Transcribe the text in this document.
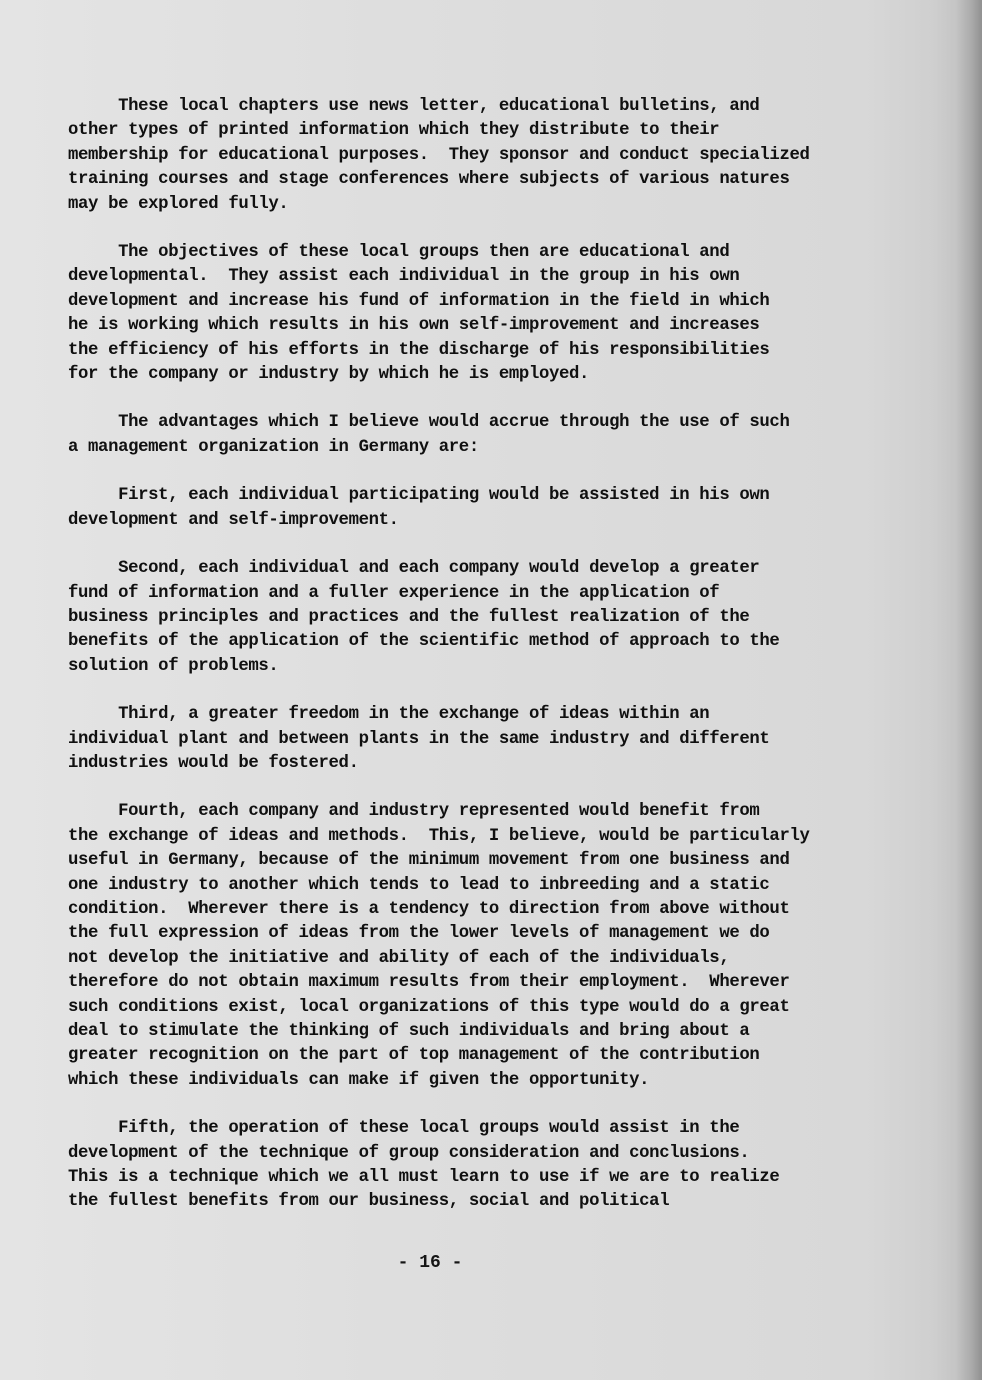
These local chapters use news letter, educational bulletins, and
other types of printed information which they distribute to their
membership for educational purposes.  They sponsor and conduct specialized
training courses and stage conferences where subjects of various natures
may be explored fully.
The objectives of these local groups then are educational and
developmental.  They assist each individual in the group in his own
development and increase his fund of information in the field in which
he is working which results in his own self-improvement and increases
the efficiency of his efforts in the discharge of his responsibilities
for the company or industry by which he is employed.
The advantages which I believe would accrue through the use of such
a management organization in Germany are:
First, each individual participating would be assisted in his own
development and self-improvement.
Second, each individual and each company would develop a greater
fund of information and a fuller experience in the application of
business principles and practices and the fullest realization of the
benefits of the application of the scientific method of approach to the
solution of problems.
Third, a greater freedom in the exchange of ideas within an
individual plant and between plants in the same industry and different
industries would be fostered.
Fourth, each company and industry represented would benefit from
the exchange of ideas and methods.  This, I believe, would be particularly
useful in Germany, because of the minimum movement from one business and
one industry to another which tends to lead to inbreeding and a static
condition.  Wherever there is a tendency to direction from above without
the full expression of ideas from the lower levels of management we do
not develop the initiative and ability of each of the individuals,
therefore do not obtain maximum results from their employment.  Wherever
such conditions exist, local organizations of this type would do a great
deal to stimulate the thinking of such individuals and bring about a
greater recognition on the part of top management of the contribution
which these individuals can make if given the opportunity.
Fifth, the operation of these local groups would assist in the
development of the technique of group consideration and conclusions.
This is a technique which we all must learn to use if we are to realize
the fullest benefits from our business, social and political
- 16 -
